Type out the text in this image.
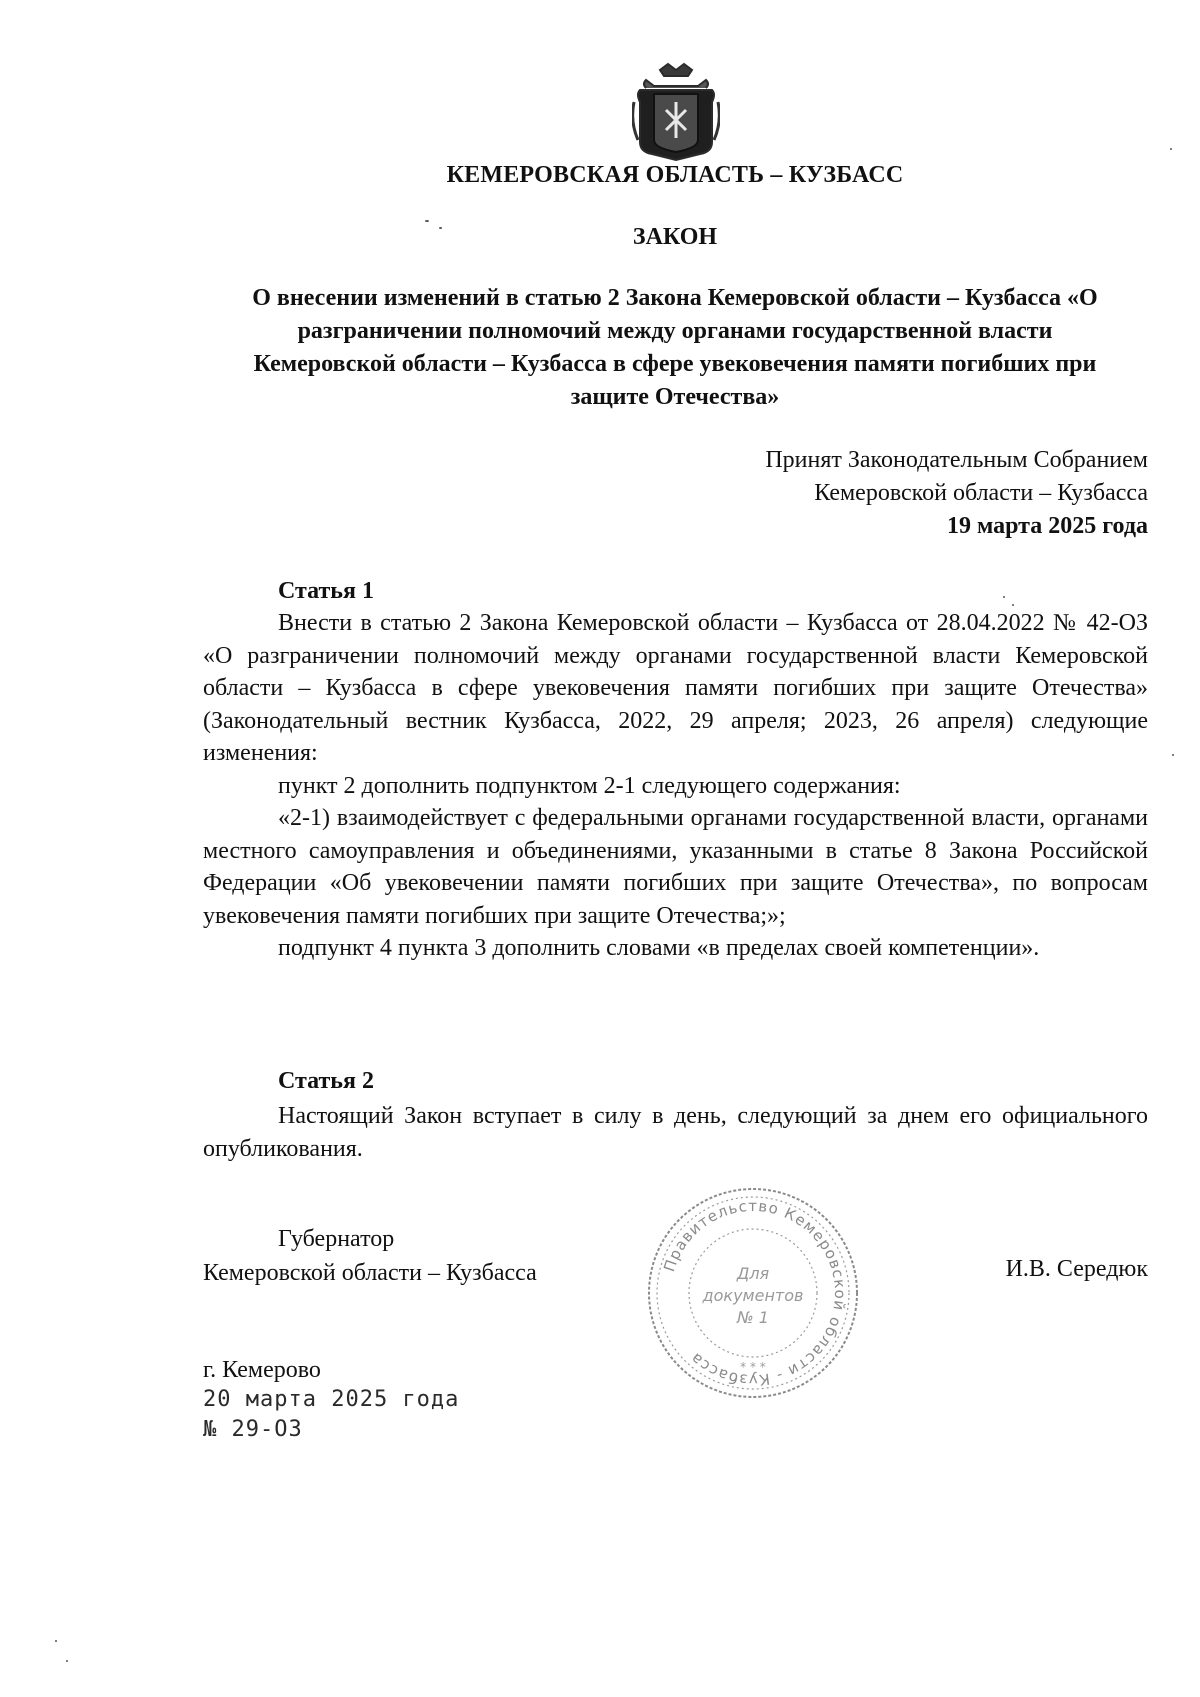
КЕМЕРОВСКАЯ ОБЛАСТЬ – КУЗБАСС
ЗАКОН
О внесении изменений в статью 2 Закона Кемеровской области – Кузбасса «О разграничении полномочий между органами государственной власти Кемеровской области – Кузбасса в сфере увековечения памяти погибших при защите Отечества»
Принят Законодательным Собранием
Кемеровской области – Кузбасса
19 марта 2025 года
Статья 1

Внести в статью 2 Закона Кемеровской области – Кузбасса от 28.04.2022 № 42-ОЗ «О разграничении полномочий между органами государственной власти Кемеровской области – Кузбасса в сфере увековечения памяти погибших при защите Отечества» (Законодательный вестник Кузбасса, 2022, 29 апреля; 2023, 26 апреля) следующие изменения:

пункт 2 дополнить подпунктом 2-1 следующего содержания:

«2-1) взаимодействует с федеральными органами государственной власти, органами местного самоуправления и объединениями, указанными в статье 8 Закона Российской Федерации «Об увековечении памяти погибших при защите Отечества», по вопросам увековечения памяти погибших при защите Отечества;»;

подпункт 4 пункта 3 дополнить словами «в пределах своей компетенции».

Статья 2

Настоящий Закон вступает в силу в день, следующий за днем его официального опубликования.

Губернатор
Кемеровской области – Кузбасса	Правительство Кемеровской области - Кузбасса
Для
документов
№ 1
* * *
И.В. Середюк
г. Кемерово
20 марта 2025 года
№ 29-ОЗ
